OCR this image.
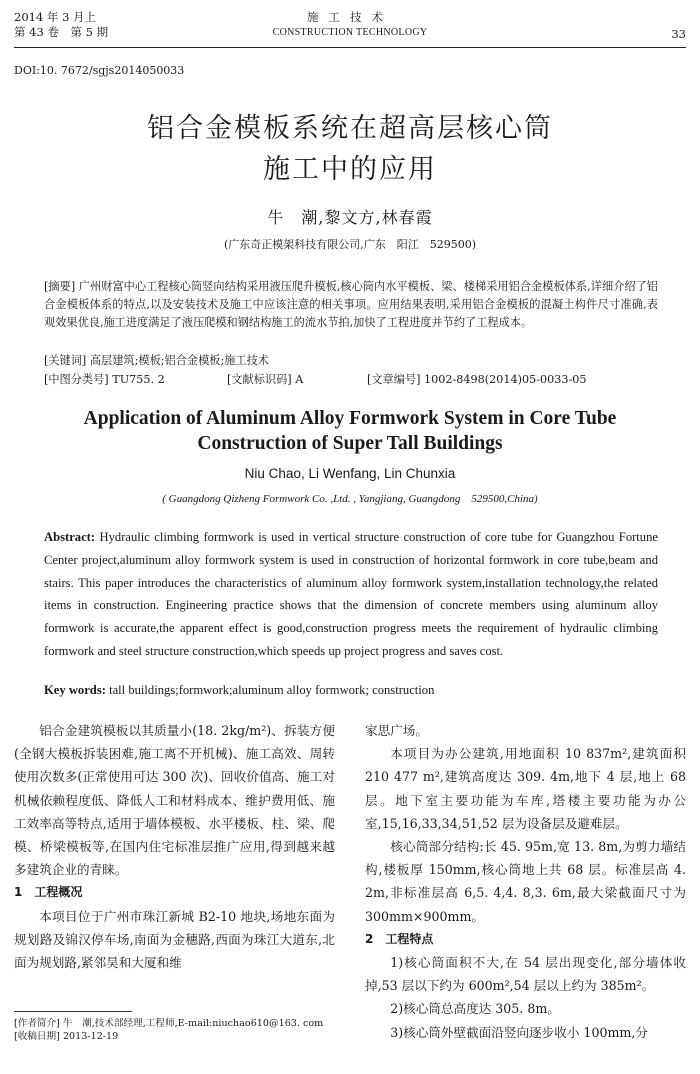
2014 年 3 月上
第 43 卷　第 5 期
施工技术
CONSTRUCTION TECHNOLOGY	33
DOI:10. 7672/sgjs2014050033
铝合金模板系统在超高层核心筒
施工中的应用
牛　潮,黎文方,林春霞
(广东奇正模架科技有限公司,广东　阳江　529500)
[摘要] 广州财富中心工程核心筒竖向结构采用液压爬升模板,核心筒内水平模板、梁、楼梯采用铝合金模板体系,详细介绍了铝合金模板体系的特点,以及安装技术及施工中应该注意的相关事项。应用结果表明,采用铝合金模板的混凝土构件尺寸准确,表观效果优良,施工进度满足了液压爬模和钢结构施工的流水节拍,加快了工程进度并节约了工程成本。
[关键词] 高层建筑;模板;铝合金模板;施工技术
[中图分类号] TU755. 2	[文献标识码] A	[文章编号] 1002-8498(2014)05-0033-05
Application of Aluminum Alloy Formwork System in Core Tube
Construction of Super Tall Buildings
Niu Chao, Li Wenfang, Lin Chunxia
( Guangdong Qizheng Formwork Co. ,Ltd. , Yangjiang, Guangdong　529500,China)
Abstract: Hydraulic climbing formwork is used in vertical structure construction of core tube for Guangzhou Fortune Center project,aluminum alloy formwork system is used in construction of horizontal formwork in core tube,beam and stairs. This paper introduces the characteristics of aluminum alloy formwork system,installation technology,the related items in construction. Engineering practice shows that the dimension of concrete members using aluminum alloy formwork is accurate,the apparent effect is good,construction progress meets the requirement of hydraulic climbing formwork and steel structure construction,which speeds up project progress and saves cost.
Key words: tall buildings;formwork;aluminum alloy formwork; construction

铝合金建筑模板以其质量小(18. 2kg/m²)、拆装方便(全钢大模板拆装困难,施工离不开机械)、施工高效、周转使用次数多(正常使用可达 300 次)、回收价值高、施工对机械依赖程度低、降低人工和材料成本、维护费用低、施工效率高等特点,适用于墙体模板、水平楼板、柱、梁、爬模、桥梁模板等,在国内住宅标准层推广应用,得到越来越多建筑企业的青睐。

1 工程概况

本项目位于广州市珠江新城 B2-10 地块,场地东面为规划路及锦汉停车场,南面为金穗路,西面为珠江大道东,北面为规划路,紧邻昊和大厦和维

家思广场。

本项目为办公建筑,用地面积 10 837m²,建筑面积 210 477 m²,建筑高度达 309. 4m,地下 4 层,地上 68 层。地下室主要功能为车库,塔楼主要功能为办公室,15,16,33,34,51,52 层为设备层及避难层。

核心筒部分结构:长 45. 95m,宽 13. 8m,为剪力墙结构,楼板厚 150mm,核心筒地上共 68 层。标准层高 4. 2m,非标准层高 6,5. 4,4. 8,3. 6m,最大梁截面尺寸为 300mm×900mm。

2 工程特点

1)核心筒面积不大,在 54 层出现变化,部分墙体收掉,53 层以下约为 600m²,54 层以上约为 385m²。

2)核心筒总高度达 305. 8m。

3)核心筒外壁截面沿竖向逐步收小 100mm,分

[作者简介] 牛　潮,技术部经理,工程师,E-mail:niuchao610@163. com
[收稿日期] 2013-12-19
